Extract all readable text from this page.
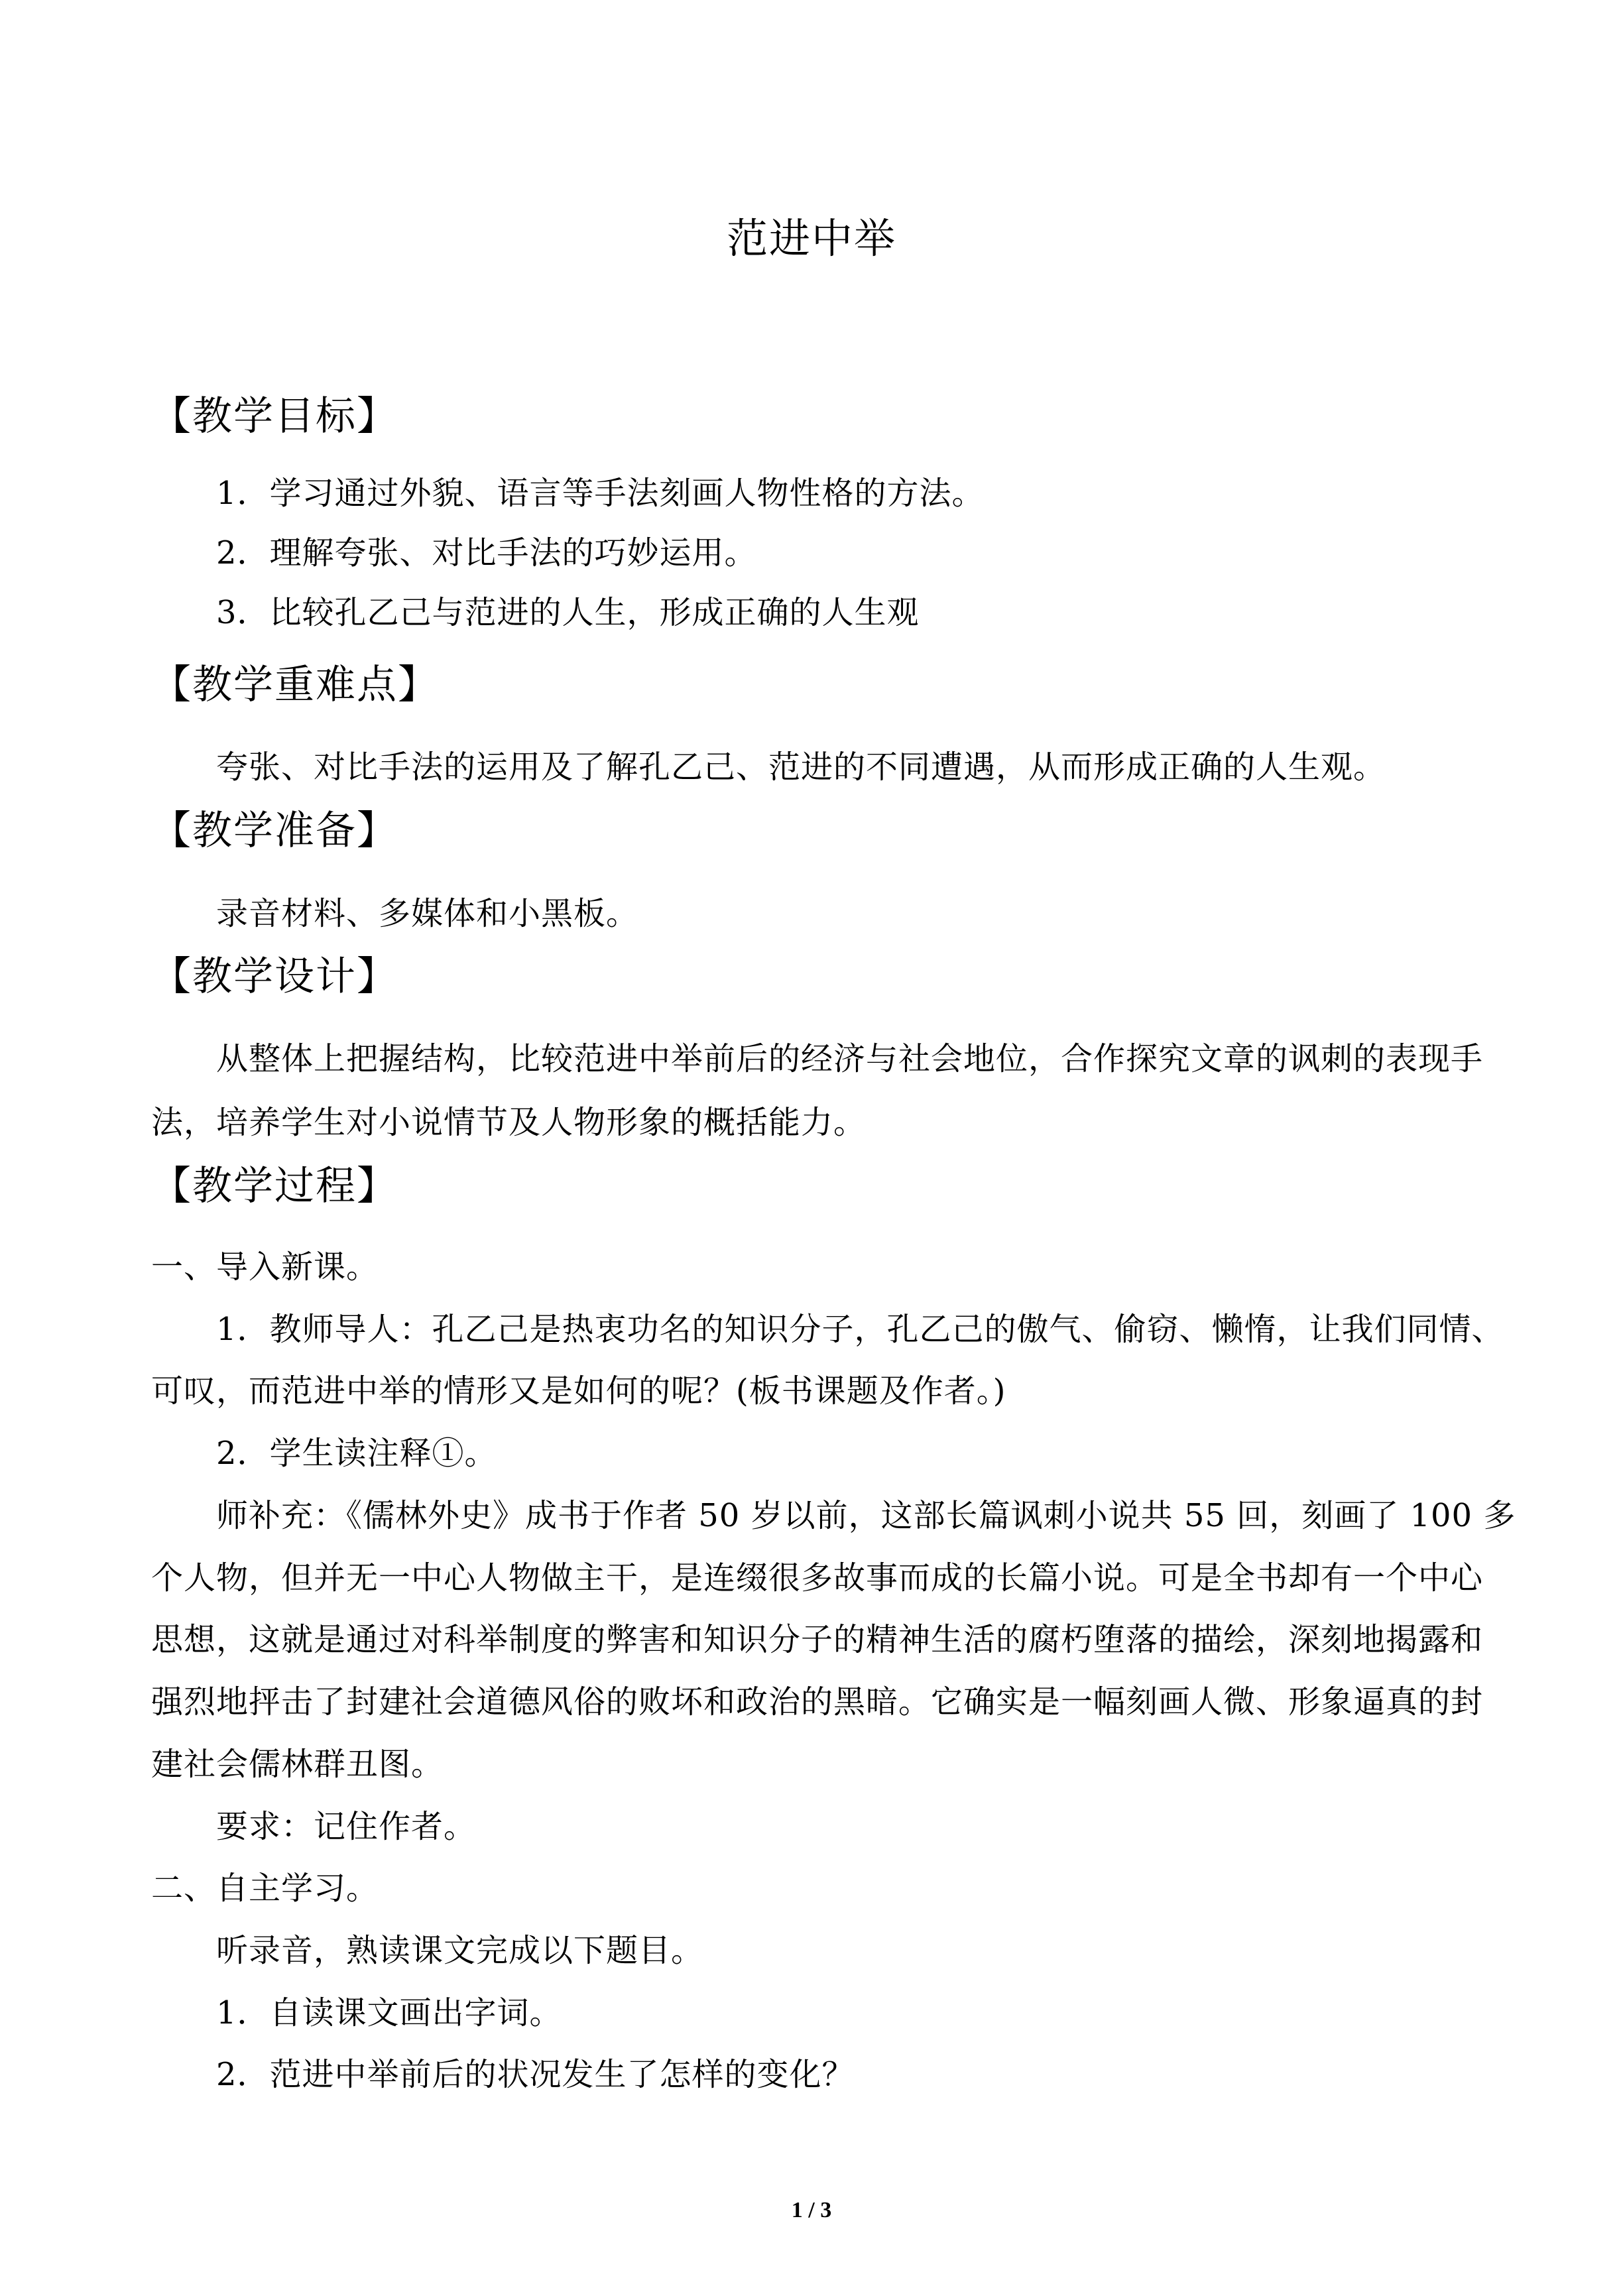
范进中举
【教学目标】
1．学习通过外貌、语言等手法刻画人物性格的方法。
2．理解夸张、对比手法的巧妙运用。
3．比较孔乙己与范进的人生，形成正确的人生观
【教学重难点】
夸张、对比手法的运用及了解孔乙己、范进的不同遭遇，从而形成正确的人生观。
【教学准备】
录音材料、多媒体和小黑板。
【教学设计】
从整体上把握结构，比较范进中举前后的经济与社会地位，合作探究文章的讽刺的表现手
法，培养学生对小说情节及人物形象的概括能力。
【教学过程】
一、导入新课。
1．教师导人：孔乙己是热衷功名的知识分子，孔乙己的傲气、偷窃、懒惰，让我们同情、
可叹，而范进中举的情形又是如何的呢？(板书课题及作者。)
2．学生读注释①。
师补充：《儒林外史》成书于作者 50 岁以前，这部长篇讽刺小说共 55 回，刻画了 100 多
个人物，但并无一中心人物做主干，是连缀很多故事而成的长篇小说。可是全书却有一个中心
思想，这就是通过对科举制度的弊害和知识分子的精神生活的腐朽堕落的描绘，深刻地揭露和
强烈地抨击了封建社会道德风俗的败坏和政治的黑暗。它确实是一幅刻画人微、形象逼真的封
建社会儒林群丑图。
要求：记住作者。
二、自主学习。
听录音，熟读课文完成以下题目。
1．自读课文画出字词。
2．范进中举前后的状况发生了怎样的变化？
1 / 3
